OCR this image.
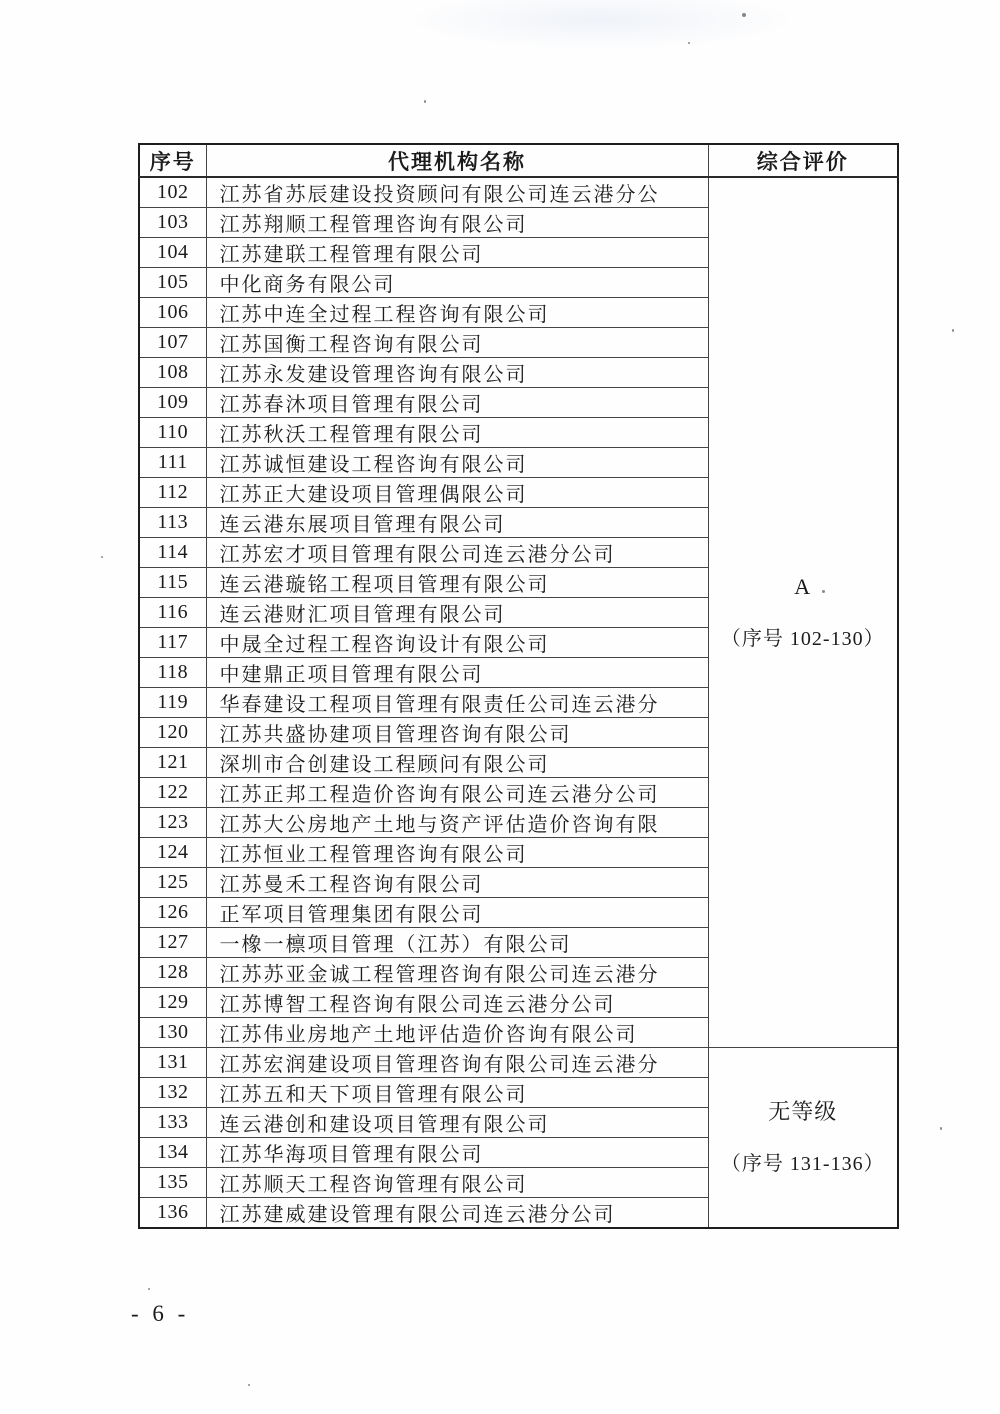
序号	代理机构名称	综合评价
102	江苏省苏辰建设投资顾问有限公司连云港分公	A
（序号 102-130）

103	江苏翔顺工程管理咨询有限公司	
104	江苏建联工程管理有限公司	
105	中化商务有限公司	
106	江苏中连全过程工程咨询有限公司	
107	江苏国衡工程咨询有限公司	
108	江苏永发建设管理咨询有限公司	
109	江苏春沐项目管理有限公司	
110	江苏秋沃工程管理有限公司	
111	江苏诚恒建设工程咨询有限公司	
112	江苏正大建设项目管理偶限公司	
113	连云港东展项目管理有限公司	
114	江苏宏才项目管理有限公司连云港分公司	
115	连云港璇铭工程项目管理有限公司	
116	连云港财汇项目管理有限公司	
117	中晟全过程工程咨询设计有限公司	
118	中建鼎正项目管理有限公司	
119	华春建设工程项目管理有限责任公司连云港分	
120	江苏共盛协建项目管理咨询有限公司	
121	深圳市合创建设工程顾问有限公司	
122	江苏正邦工程造价咨询有限公司连云港分公司	
123	江苏大公房地产土地与资产评估造价咨询有限	
124	江苏恒业工程管理咨询有限公司	
125	江苏曼禾工程咨询有限公司	
126	正军项目管理集团有限公司	
127	一橡一檩项目管理（江苏）有限公司	
128	江苏苏亚金诚工程管理咨询有限公司连云港分	
129	江苏博智工程咨询有限公司连云港分公司	
130	江苏伟业房地产土地评估造价咨询有限公司	
131	江苏宏润建设项目管理咨询有限公司连云港分	无等级
（序号 131-136）

132	江苏五和天下项目管理有限公司	
133	连云港创和建设项目管理有限公司	
134	江苏华海项目管理有限公司	
135	江苏顺天工程咨询管理有限公司	
136	江苏建威建设管理有限公司连云港分公司	
- 6 -
